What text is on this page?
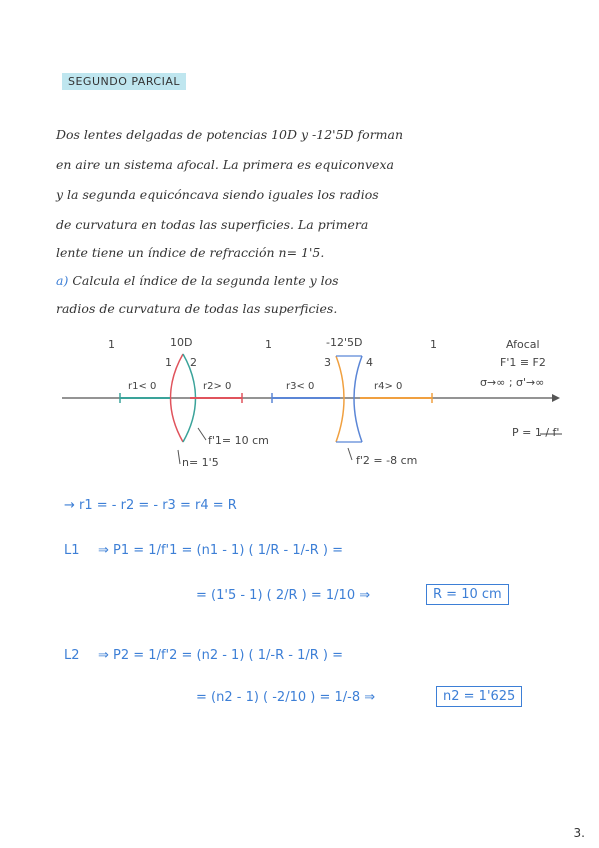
SEGUNDO PARCIAL
Dos lentes delgadas de potencias 10D y -12'5D forman
en aire un sistema afocal. La primera es equiconvexa
y la segunda equicóncava siendo iguales los radios
de curvatura en todas las superficies. La primera
lente tiene un índice de refracción n= 1'5.
a) Calcula el índice de la segunda lente y los
radios de curvatura de todas las superficies.
1	10D	1	-12'5D	1
1 2	3	4
r1< 0	r2> 0	r3< 0	r4> 0
f'1= 10 cm
n= 1'5	f'2 = -8 cm
Afocal
F'1 ≡ F2
σ→∞ ; σ'→∞
P = 1 / f'
→ r1 = - r2 = - r3 = r4 = R
L1 ⇒ P1 = 1/f'1 = (n1 - 1) ( 1/R - 1/-R ) =
= (1'5 - 1) ( 2/R ) = 1/10 ⇒	R = 10 cm
L2 ⇒ P2 = 1/f'2 = (n2 - 1) ( 1/-R - 1/R ) =
= (n2 - 1) ( -2/10 ) = 1/-8 ⇒	n2 = 1'625
3.
